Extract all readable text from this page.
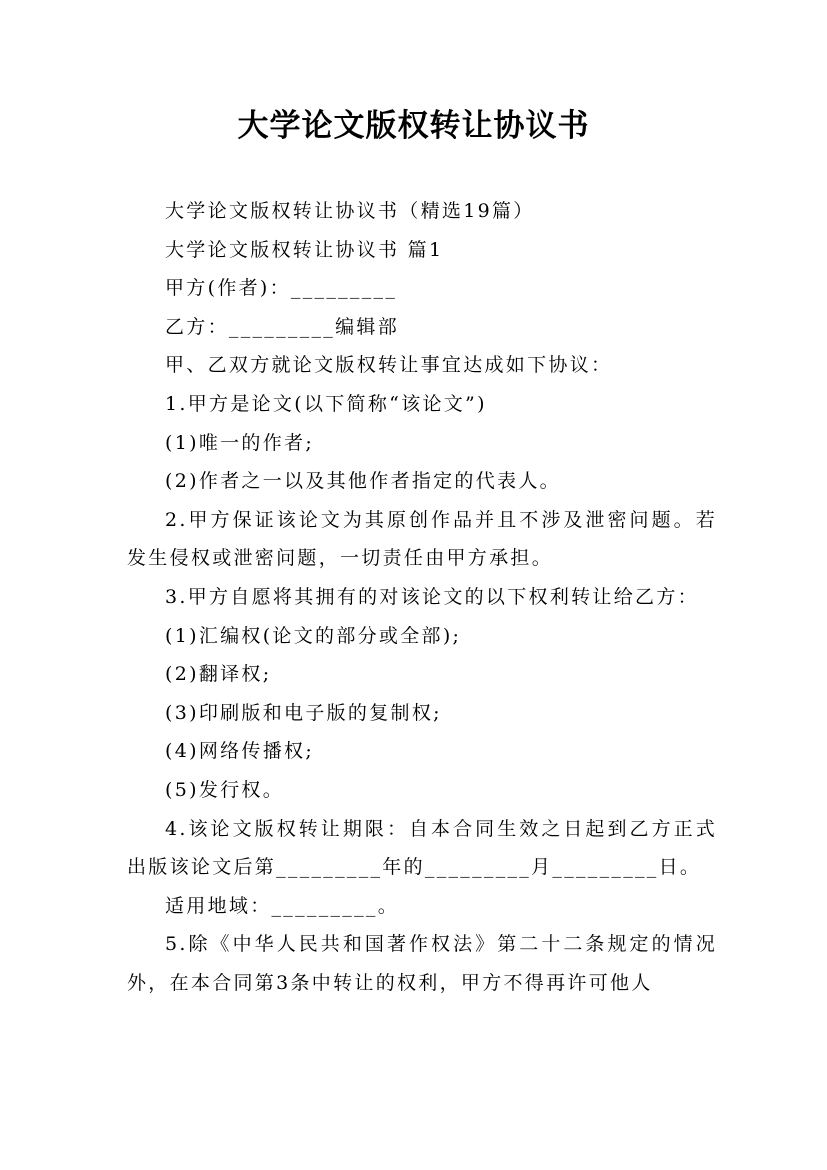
大学论文版权转让协议书

大学论文版权转让协议书（精选19篇）

大学论文版权转让协议书 篇1

甲方(作者)：_________

乙方：_________编辑部

甲、乙双方就论文版权转让事宜达成如下协议：

1.甲方是论文(以下简称“该论文”)

(1)唯一的作者;

(2)作者之一以及其他作者指定的代表人。

2.甲方保证该论文为其原创作品并且不涉及泄密问题。若发生侵权或泄密问题，一切责任由甲方承担。

3.甲方自愿将其拥有的对该论文的以下权利转让给乙方：

(1)汇编权(论文的部分或全部);

(2)翻译权;

(3)印刷版和电子版的复制权;

(4)网络传播权;

(5)发行权。

4.该论文版权转让期限：自本合同生效之日起到乙方正式出版该论文后第_________年的_________月_________日。

适用地域：_________。

5.除《中华人民共和国著作权法》第二十二条规定的情况外，在本合同第3条中转让的权利，甲方不得再许可他人
